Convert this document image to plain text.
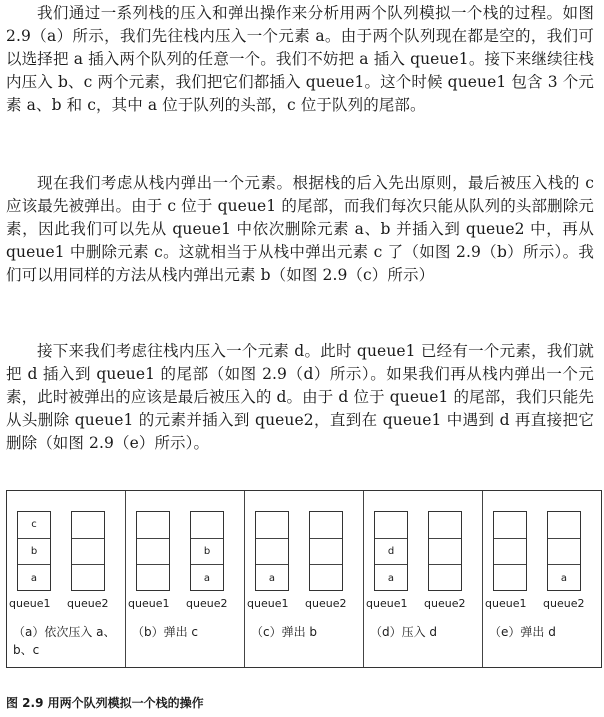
我们通过一系列栈的压入和弹出操作来分析用两个队列模拟一个栈的过程。如图 2.9（a）所示，我们先往栈内压入一个元素 a。由于两个队列现在都是空的，我们可以选择把 a 插入两个队列的任意一个。我们不妨把 a 插入 queue1。接下来继续往栈内压入 b、c 两个元素，我们把它们都插入 queue1。这个时候 queue1 包含 3 个元素 a、b 和 c，其中 a 位于队列的头部，c 位于队列的尾部。

现在我们考虑从栈内弹出一个元素。根据栈的后入先出原则，最后被压入栈的 c 应该最先被弹出。由于 c 位于 queue1 的尾部，而我们每次只能从队列的头部删除元素，因此我们可以先从 queue1 中依次删除元素 a、b 并插入到 queue2 中，再从 queue1 中删除元素 c。这就相当于从栈中弹出元素 c 了（如图 2.9（b）所示）。我们可以用同样的方法从栈内弹出元素 b（如图 2.9（c）所示）

接下来我们考虑往栈内压入一个元素 d。此时 queue1 已经有一个元素，我们就把 d 插入到 queue1 的尾部（如图 2.9（d）所示）。如果我们再从栈内弹出一个元素，此时被弹出的应该是最后被压入的 d。由于 d 位于 queue1 的尾部，我们只能先从头删除 queue1 的元素并插入到 queue2，直到在 queue1 中遇到 d 再直接把它删除（如图 2.9（e）所示）。

c
b
a
queue1 queue2
（a）依次压入 a、b、c
b
a
queue1 queue2
（b）弹出 c
a
queue1 queue2
（c）弹出 b
d
a
queue1 queue2
（d）压入 d
a
queue1 queue2
（e）弹出 d
图 2.9 用两个队列模拟一个栈的操作
